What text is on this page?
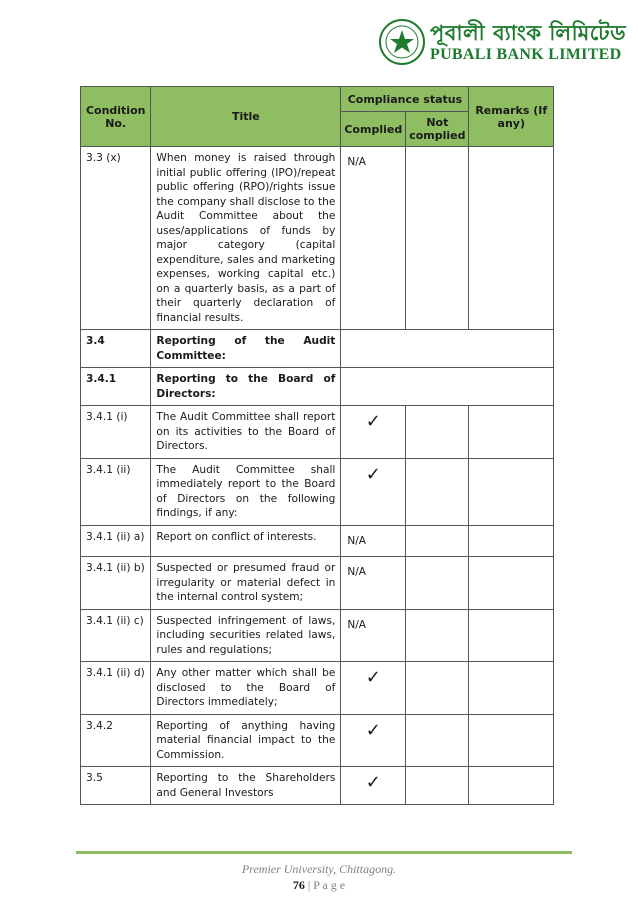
পূবালী ব্যাংক লিমিটেড
PUBALI BANK LIMITED
Condition No.	Title	Compliance status		Remarks (If any)
		Complied	Not complied	
3.3 (x)	When money is raised through initial public offering (IPO)/repeat public offering (RPO)/rights issue the company shall disclose to the Audit Committee about the uses/applications of funds by major category (capital expenditure, sales and marketing expenses, working capital etc.) on a quarterly basis, as a part of their quarterly declaration of financial results.	N/A		
3.4	Reporting of the Audit Committee:			
3.4.1	Reporting to the Board of Directors:			
3.4.1 (i)	The Audit Committee shall report on its activities to the Board of Directors.	✓		
3.4.1 (ii)	The Audit Committee shall immediately report to the Board of Directors on the following findings, if any:	✓		
3.4.1 (ii) a)	Report on conflict of interests.	N/A		
3.4.1 (ii) b)	Suspected or presumed fraud or irregularity or material defect in the internal control system;	N/A		
3.4.1 (ii) c)	Suspected infringement of laws, including securities related laws, rules and regulations;	N/A		
3.4.1 (ii) d)	Any other matter which shall be disclosed to the Board of Directors immediately;	✓		
3.4.2	Reporting of anything having material financial impact to the Commission.	✓		
3.5	Reporting to the Shareholders and General Investors	✓		
Premier University, Chittagong.
76 | P a g e
